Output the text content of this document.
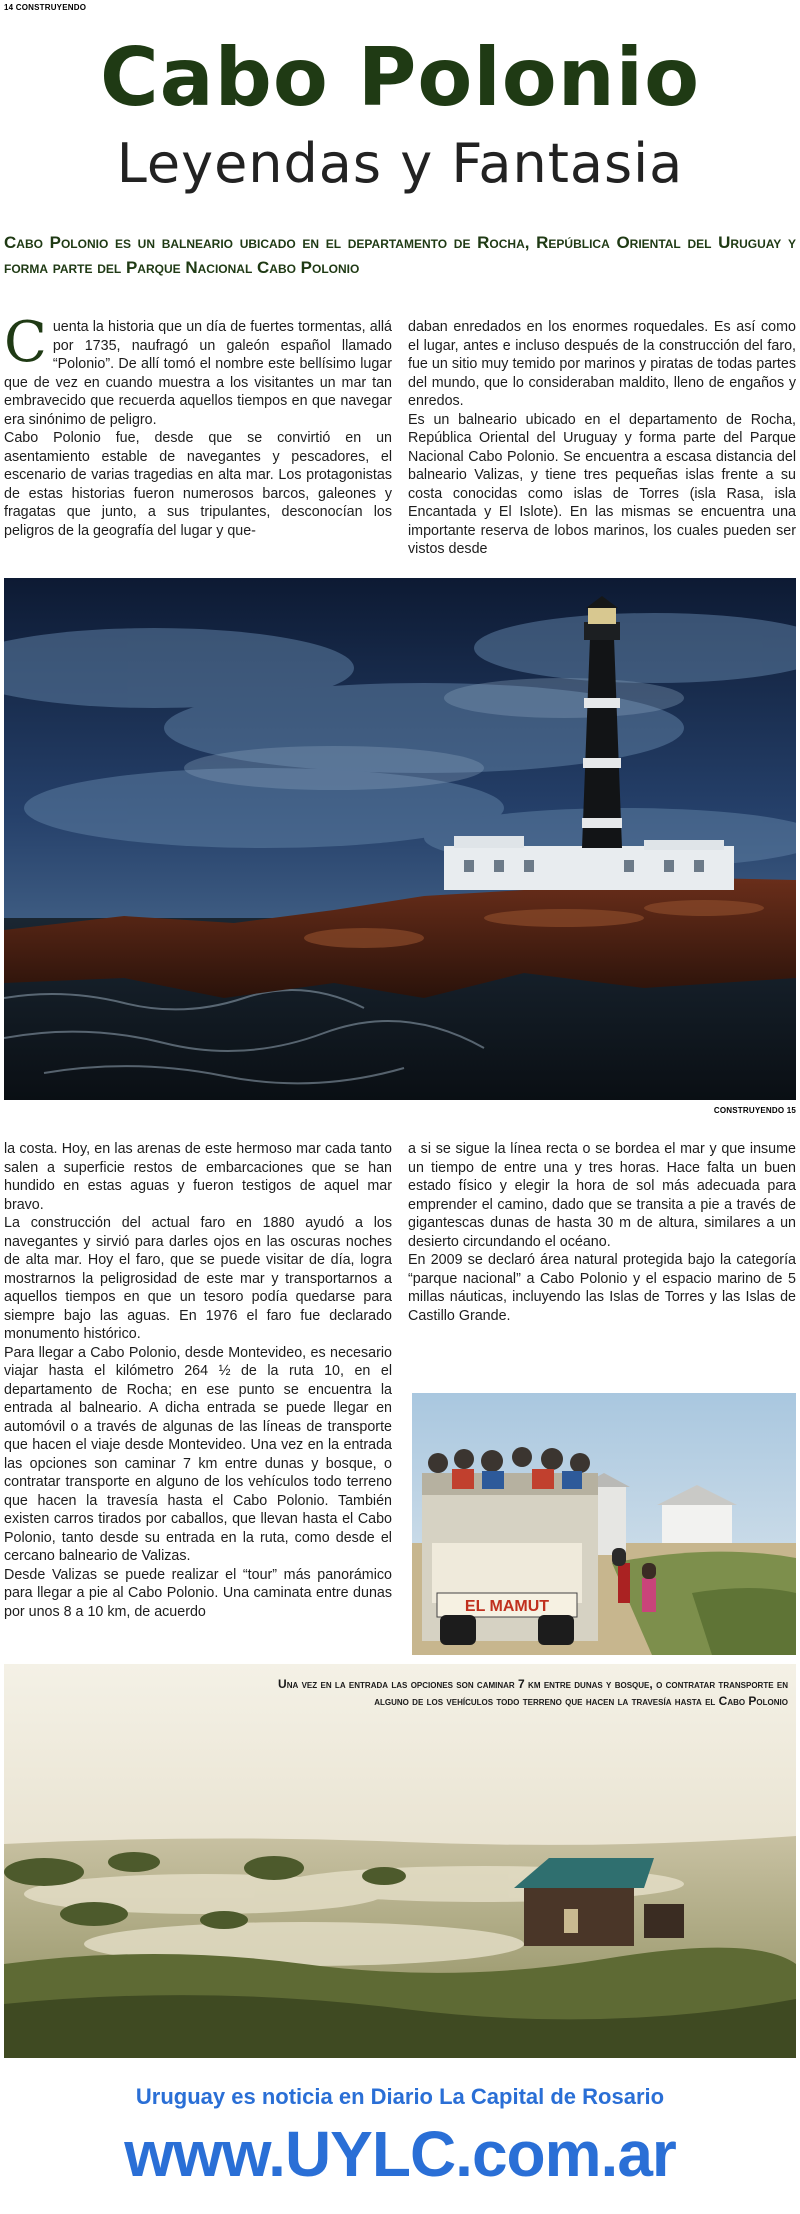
14 CONSTRUYENDO
Cabo Polonio
Leyendas y Fantasia
Cabo Polonio es un balneario ubicado en el departamento de Rocha, República Oriental del Uruguay y forma parte del Parque Nacional Cabo Polonio
C uenta la historia que un día de fuertes tormentas, allá por 1735, naufragó un galeón español llamado “Polonio”. De allí tomó el nombre este bellísimo lugar que de vez en cuando muestra a los visitantes un mar tan embravecido que recuerda aquellos tiempos en que navegar era sinónimo de peligro.

Cabo Polonio fue, desde que se convirtió en un asentamiento estable de navegantes y pescadores, el escenario de varias tragedias en alta mar. Los protagonistas de estas historias fueron numerosos barcos, galeones y fragatas que junto, a sus tripulantes, desconocían los peligros de la geografía del lugar y que-

daban enredados en los enormes roquedales. Es así como el lugar, antes e incluso después de la construcción del faro, fue un sitio muy temido por marinos y piratas de todas partes del mundo, que lo consideraban maldito, lleno de engaños y enredos.

Es un balneario ubicado en el departamento de Rocha, República Oriental del Uruguay y forma parte del Parque Nacional Cabo Polonio. Se encuentra a escasa distancia del balneario Valizas, y tiene tres pequeñas islas frente a su costa conocidas como islas de Torres (isla Rasa, isla Encantada y El Islote). En las mismas se encuentra una importante reserva de lobos marinos, los cuales pueden ser vistos desde

CONSTRUYENDO 15

la costa. Hoy, en las arenas de este hermoso mar cada tanto salen a superficie restos de embarcaciones que se han hundido en estas aguas y fueron testigos de aquel mar bravo.

La construcción del actual faro en 1880 ayudó a los navegantes y sirvió para darles ojos en las oscuras noches de alta mar. Hoy el faro, que se puede visitar de día, logra mostrarnos la peligrosidad de este mar y transportarnos a aquellos tiempos en que un tesoro podía quedarse para siempre bajo las aguas. En 1976 el faro fue declarado monumento histórico.

Para llegar a Cabo Polonio, desde Montevideo, es necesario viajar hasta el kilómetro 264 ½ de la ruta 10, en el departamento de Rocha; en ese punto se encuentra la entrada al balneario. A dicha entrada se puede llegar en automóvil o a través de algunas de las líneas de transporte que hacen el viaje desde Montevideo. Una vez en la entrada las opciones son caminar 7 km entre dunas y bosque, o contratar transporte en alguno de los vehículos todo terreno que hacen la travesía hasta el Cabo Polonio. También existen carros tirados por caballos, que llevan hasta el Cabo Polonio, tanto desde su entrada en la ruta, como desde el cercano balneario de Valizas.

Desde Valizas se puede realizar el “tour” más panorámico para llegar a pie al Cabo Polonio. Una caminata entre dunas por unos 8 a 10 km, de acuerdo

a si se sigue la línea recta o se bordea el mar y que insume un tiempo de entre una y tres horas. Hace falta un buen estado físico y elegir la hora de sol más adecuada para emprender el camino, dado que se transita a pie a través de gigantescas dunas de hasta 30 m de altura, similares a un desierto circundando el océano.

En 2009 se declaró área natural protegida bajo la categoría “parque nacional” a Cabo Polonio y el espacio marino de 5 millas náuticas, incluyendo las Islas de Torres y las Islas de Castillo Grande.

EL MAMUT
Una vez en la entrada las opciones son caminar 7 km entre dunas y bosque, o contratar transporte en alguno de los vehículos todo terreno que hacen la travesía hasta el Cabo Polonio
Uruguay es noticia en Diario La Capital de Rosario
www.UYLC.com.ar
